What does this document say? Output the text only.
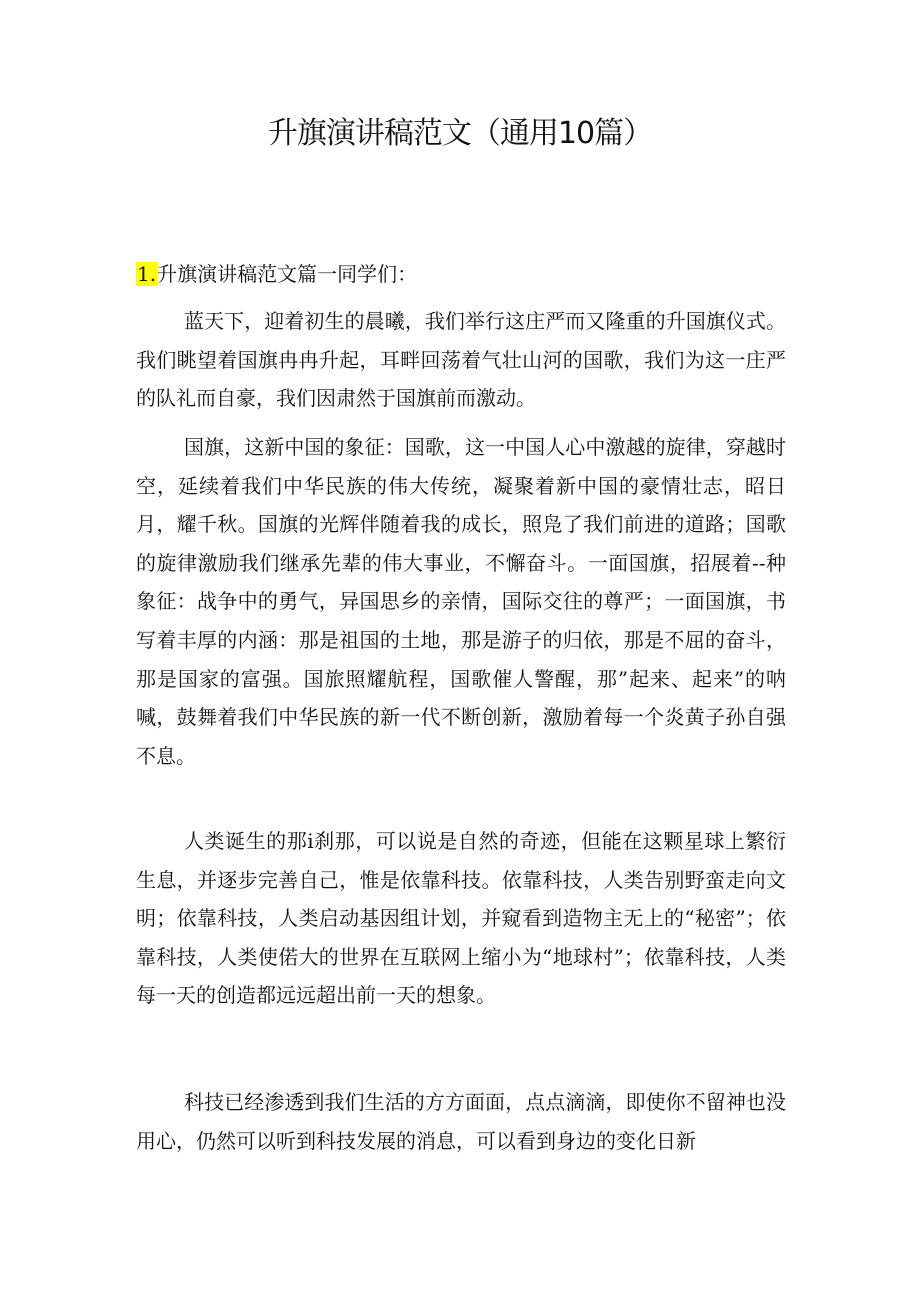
升旗演讲稿范文（通用10篇）
1.升旗演讲稿范文篇一同学们：

蓝天下，迎着初生的晨曦，我们举行这庄严而又隆重的升国旗仪式。我们眺望着国旗冉冉升起，耳畔回荡着气壮山河的国歌，我们为这一庄严的队礼而自豪，我们因肃然于国旗前而激动。

国旗，这新中国的象征：国歌，这一中国人心中激越的旋律，穿越时空，延续着我们中华民族的伟大传统，凝聚着新中国的豪情壮志，昭日月，耀千秋。国旗的光辉伴随着我的成长，照凫了我们前进的道路；国歌的旋律激励我们继承先辈的伟大事业，不懈奋斗。一面国旗，招展着--种象征：战争中的勇气，异国思乡的亲情，国际交往的尊严；一面国旗，书写着丰厚的内涵：那是祖国的土地，那是游子的归依，那是不屈的奋斗，那是国家的富强。国旅照耀航程，国歌催人警醒，那”起来、起来”的呐喊，鼓舞着我们中华民族的新一代不断创新，激励着每一个炎黄子孙自强不息。

人类诞生的那i刹那，可以说是自然的奇迹，但能在这颗星球上繁衍生息，并逐步完善自己，惟是依靠科技。依靠科技，人类告别野蛮走向文明；依靠科技，人类启动基因组计划，并窥看到造物主无上的“秘密”；依靠科技，人类使偌大的世界在互联网上缩小为“地球村”；依靠科技，人类每一天的创造都远远超出前一天的想象。

科技已经渗透到我们生活的方方面面，点点滴滴，即使你不留神也没用心，仍然可以听到科技发展的消息，可以看到身边的变化日新
